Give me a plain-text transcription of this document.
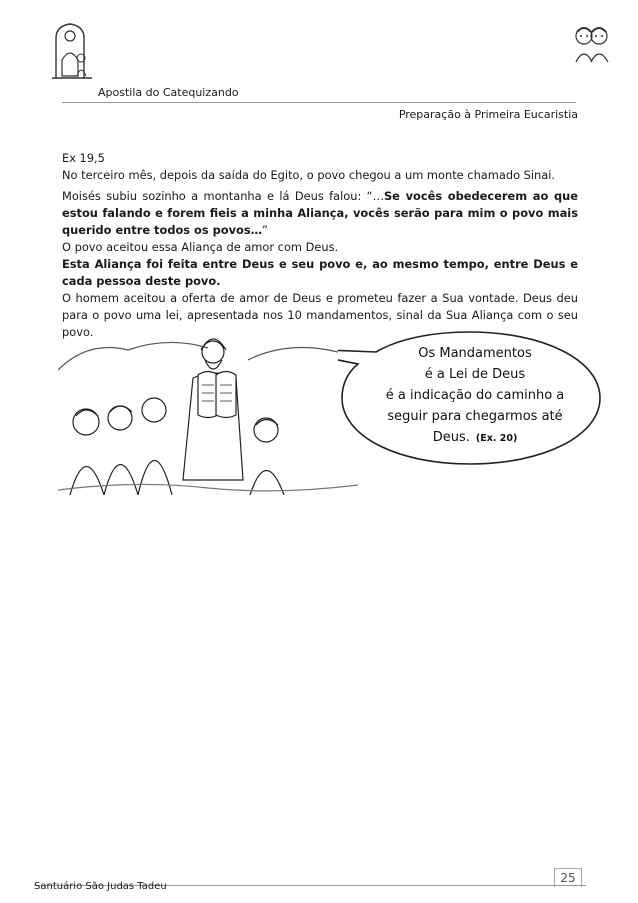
Apostila do Catequizando
Preparação à Primeira Eucaristia

Ex 19,5

No terceiro mês, depois da saída do Egito, o povo chegou a um monte chamado Sinai.

Moisés subiu sozinho a montanha e lá Deus falou: “…Se vocês obedecerem ao que estou falando e forem fieis a minha Aliança, vocês serão para mim o povo mais querido entre todos os povos…”

O povo aceitou essa Aliança de amor com Deus.

Esta Aliança foi feita entre Deus e seu povo e, ao mesmo tempo, entre Deus e cada pessoa deste povo.

O homem aceitou a oferta de amor de Deus e prometeu fazer a Sua vontade. Deus deu para o povo uma lei, apresentada nos 10 mandamentos, sinal da Sua Aliança com o seu povo.

Os Mandamentos
é a Lei de Deus
é a indicação do caminho a
seguir para chegarmos até
Deus. (Ex. 20)
25
Santuário São Judas Tadeu
